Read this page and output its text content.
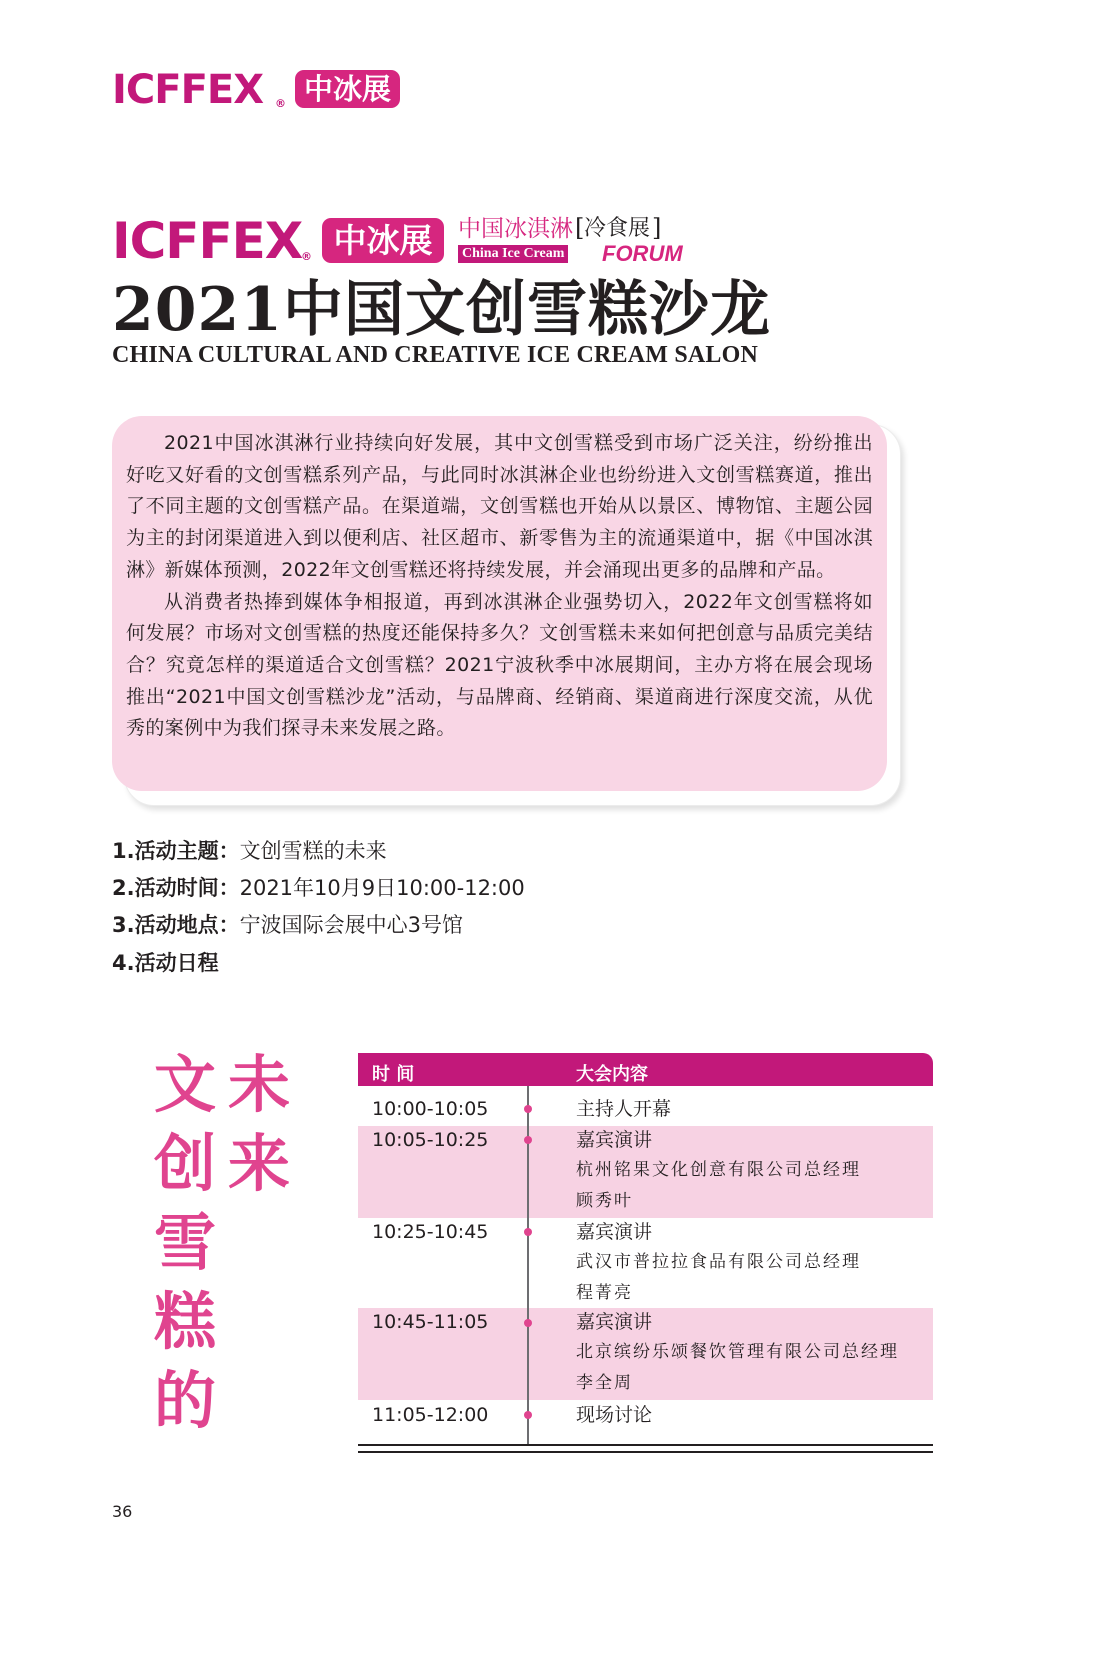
ICFFEX ® 中冰展
ICFFEX
® 中冰展	中国冰淇淋 [ 冷食展 ]
China Ice Cream FORUM
2021中国文创雪糕沙龙
CHINA CULTURAL AND CREATIVE ICE CREAM SALON

2021中国冰淇淋行业持续向好发展，其中文创雪糕受到市场广泛关注，纷纷推出好吃又好看的文创雪糕系列产品，与此同时冰淇淋企业也纷纷进入文创雪糕赛道，推出了不同主题的文创雪糕产品。在渠道端，文创雪糕也开始从以景区、博物馆、主题公园为主的封闭渠道进入到以便利店、社区超市、新零售为主的流通渠道中，据《中国冰淇淋》新媒体预测，2022年文创雪糕还将持续发展，并会涌现出更多的品牌和产品。

从消费者热捧到媒体争相报道，再到冰淇淋企业强势切入，2022年文创雪糕将如何发展？市场对文创雪糕的热度还能保持多久？文创雪糕未来如何把创意与品质完美结合？究竟怎样的渠道适合文创雪糕？2021宁波秋季中冰展期间，主办方将在展会现场推出“2021中国文创雪糕沙龙”活动，与品牌商、经销商、渠道商进行深度交流，从优秀的案例中为我们探寻未来发展之路。

1.活动主题：文创雪糕的未来
2.活动时间：2021年10月9日10:00-12:00
3.活动地点：宁波国际会展中心3号馆
4.活动日程
文
创
雪
糕
的
未
来
时 间	大会内容
10:00-10:05	主持人开幕
10:05-10:25	嘉宾演讲
杭州铭果文化创意有限公司总经理
顾秀叶
10:25-10:45	嘉宾演讲
武汉市普拉拉食品有限公司总经理
程菁亮
10:45-11:05	嘉宾演讲
北京缤纷乐颂餐饮管理有限公司总经理
李全周
11:05-12:00	现场讨论
36
